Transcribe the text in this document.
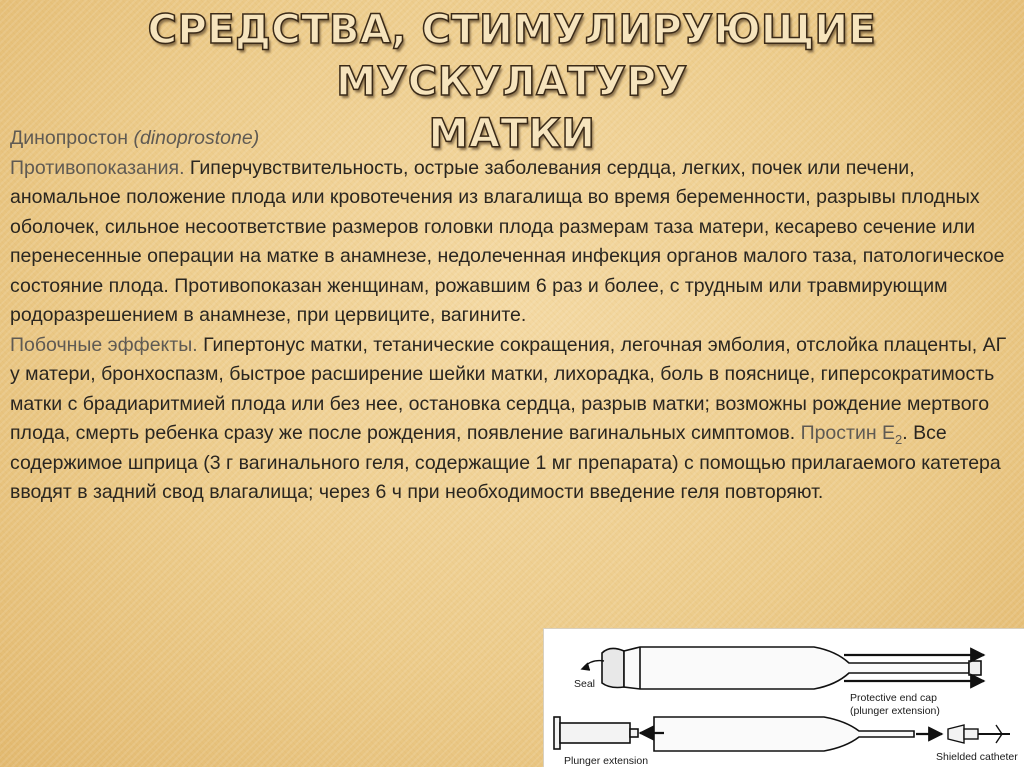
СРЕДСТВА, СТИМУЛИРУЮЩИЕ МУСКУЛАТУРУ
МАТКИ

Динопростон (dinoprostone)

Противопоказания. Гиперчувствительность, острые заболевания сердца, легких, почек или печени, аномальное положение плода или кровотечения из влагалища во время беременности, разрывы плодных оболочек, сильное несоответствие размеров головки плода размерам таза матери, кесарево сечение или перенесенные операции на матке в анамнезе, недолеченная инфекция органов малого таза, патологическое состояние плода. Противопоказан женщинам, рожавшим 6 раз и более, с трудным или травмирующим родоразрешением в анамнезе, при цервиците, вагините.

Побочные эффекты. Гипертонус матки, тетанические сокращения, легочная эмболия, отслойка плаценты, АГ у матери, бронхоспазм, быстрое расширение шейки матки, лихорадка, боль в пояснице, гиперсократимость матки с брадиаритмией плода или без нее, остановка сердца, разрыв матки; возможны рождение мертвого плода, смерть ребенка сразу же после рождения, появление вагинальных симптомов. Простин $Е_2$. Все содержимое шприца (3 г вагинального геля, содержащие 1 мг препарата) с помощью прилагаемого катетера вводят в задний свод влагалища; через 6 ч при необходимости введение геля повторяют.

Seal
Protective end cap
(plunger extension)
Plunger extension	Shielded catheter
